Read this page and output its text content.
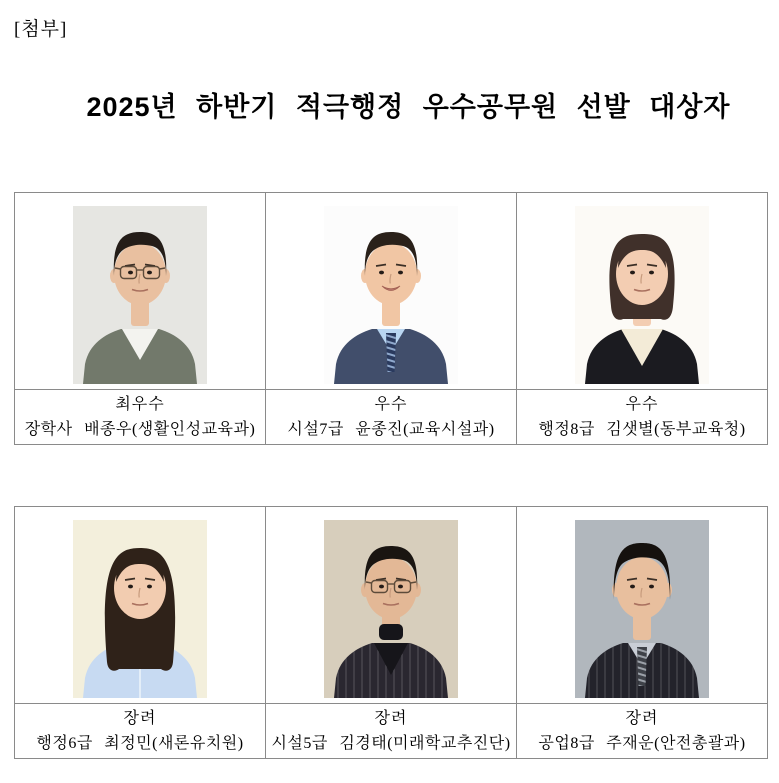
[첨부]
2025년 하반기 적극행정 우수공무원 선발 대상자

최우수
장학사 배종우(생활인성교육과)

우수
시설7급 윤종진(교육시설과)

우수
행정8급 김샛별(동부교육청)

장려
행정6급 최정민(새론유치원)

장려
시설5급 김경태(미래학교추진단)

장려
공업8급 주재운(안전총괄과)
